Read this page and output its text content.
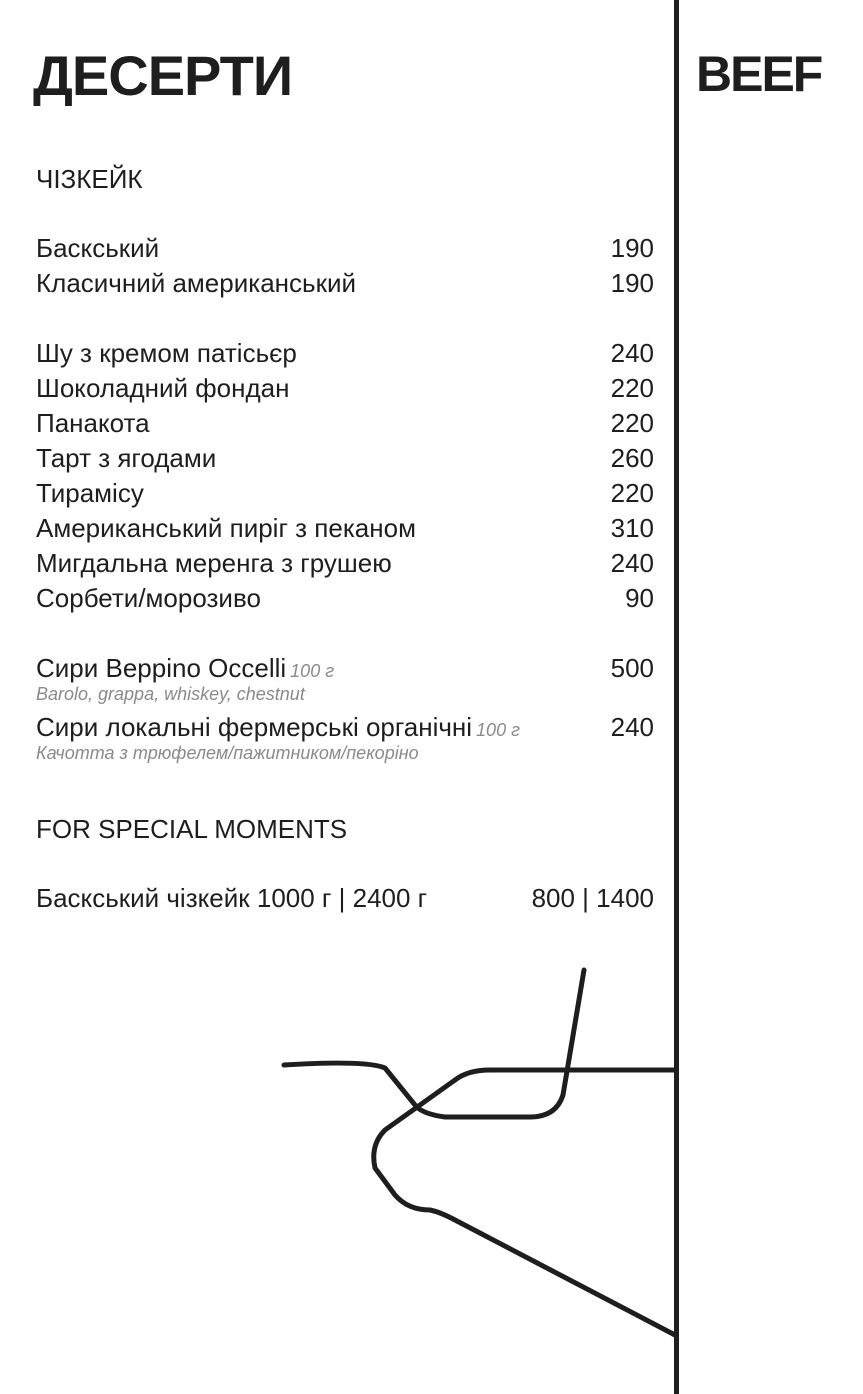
ДЕСЕРТИ	BEEF
ЧІЗКЕЙК
Баскський	190
Класичний американський	190
Шу з кремом патісьєр	240
Шоколадний фондан	220
Панакота	220
Тарт з ягодами	260
Тирамісу	220
Американський пиріг з пеканом	310
Мигдальна меренга з грушею	240
Сорбети/морозиво	90
Сири Beppino Occelli 100 г	500
Barolo, grappa, whiskey, chestnut
Сири локальні фермерські органічні 100 г	240
Качотта з трюфелем/пажитником/пекоріно
FOR SPECIAL MOMENTS
Баскський чізкейк 1000 г | 2400 г	800 | 1400
